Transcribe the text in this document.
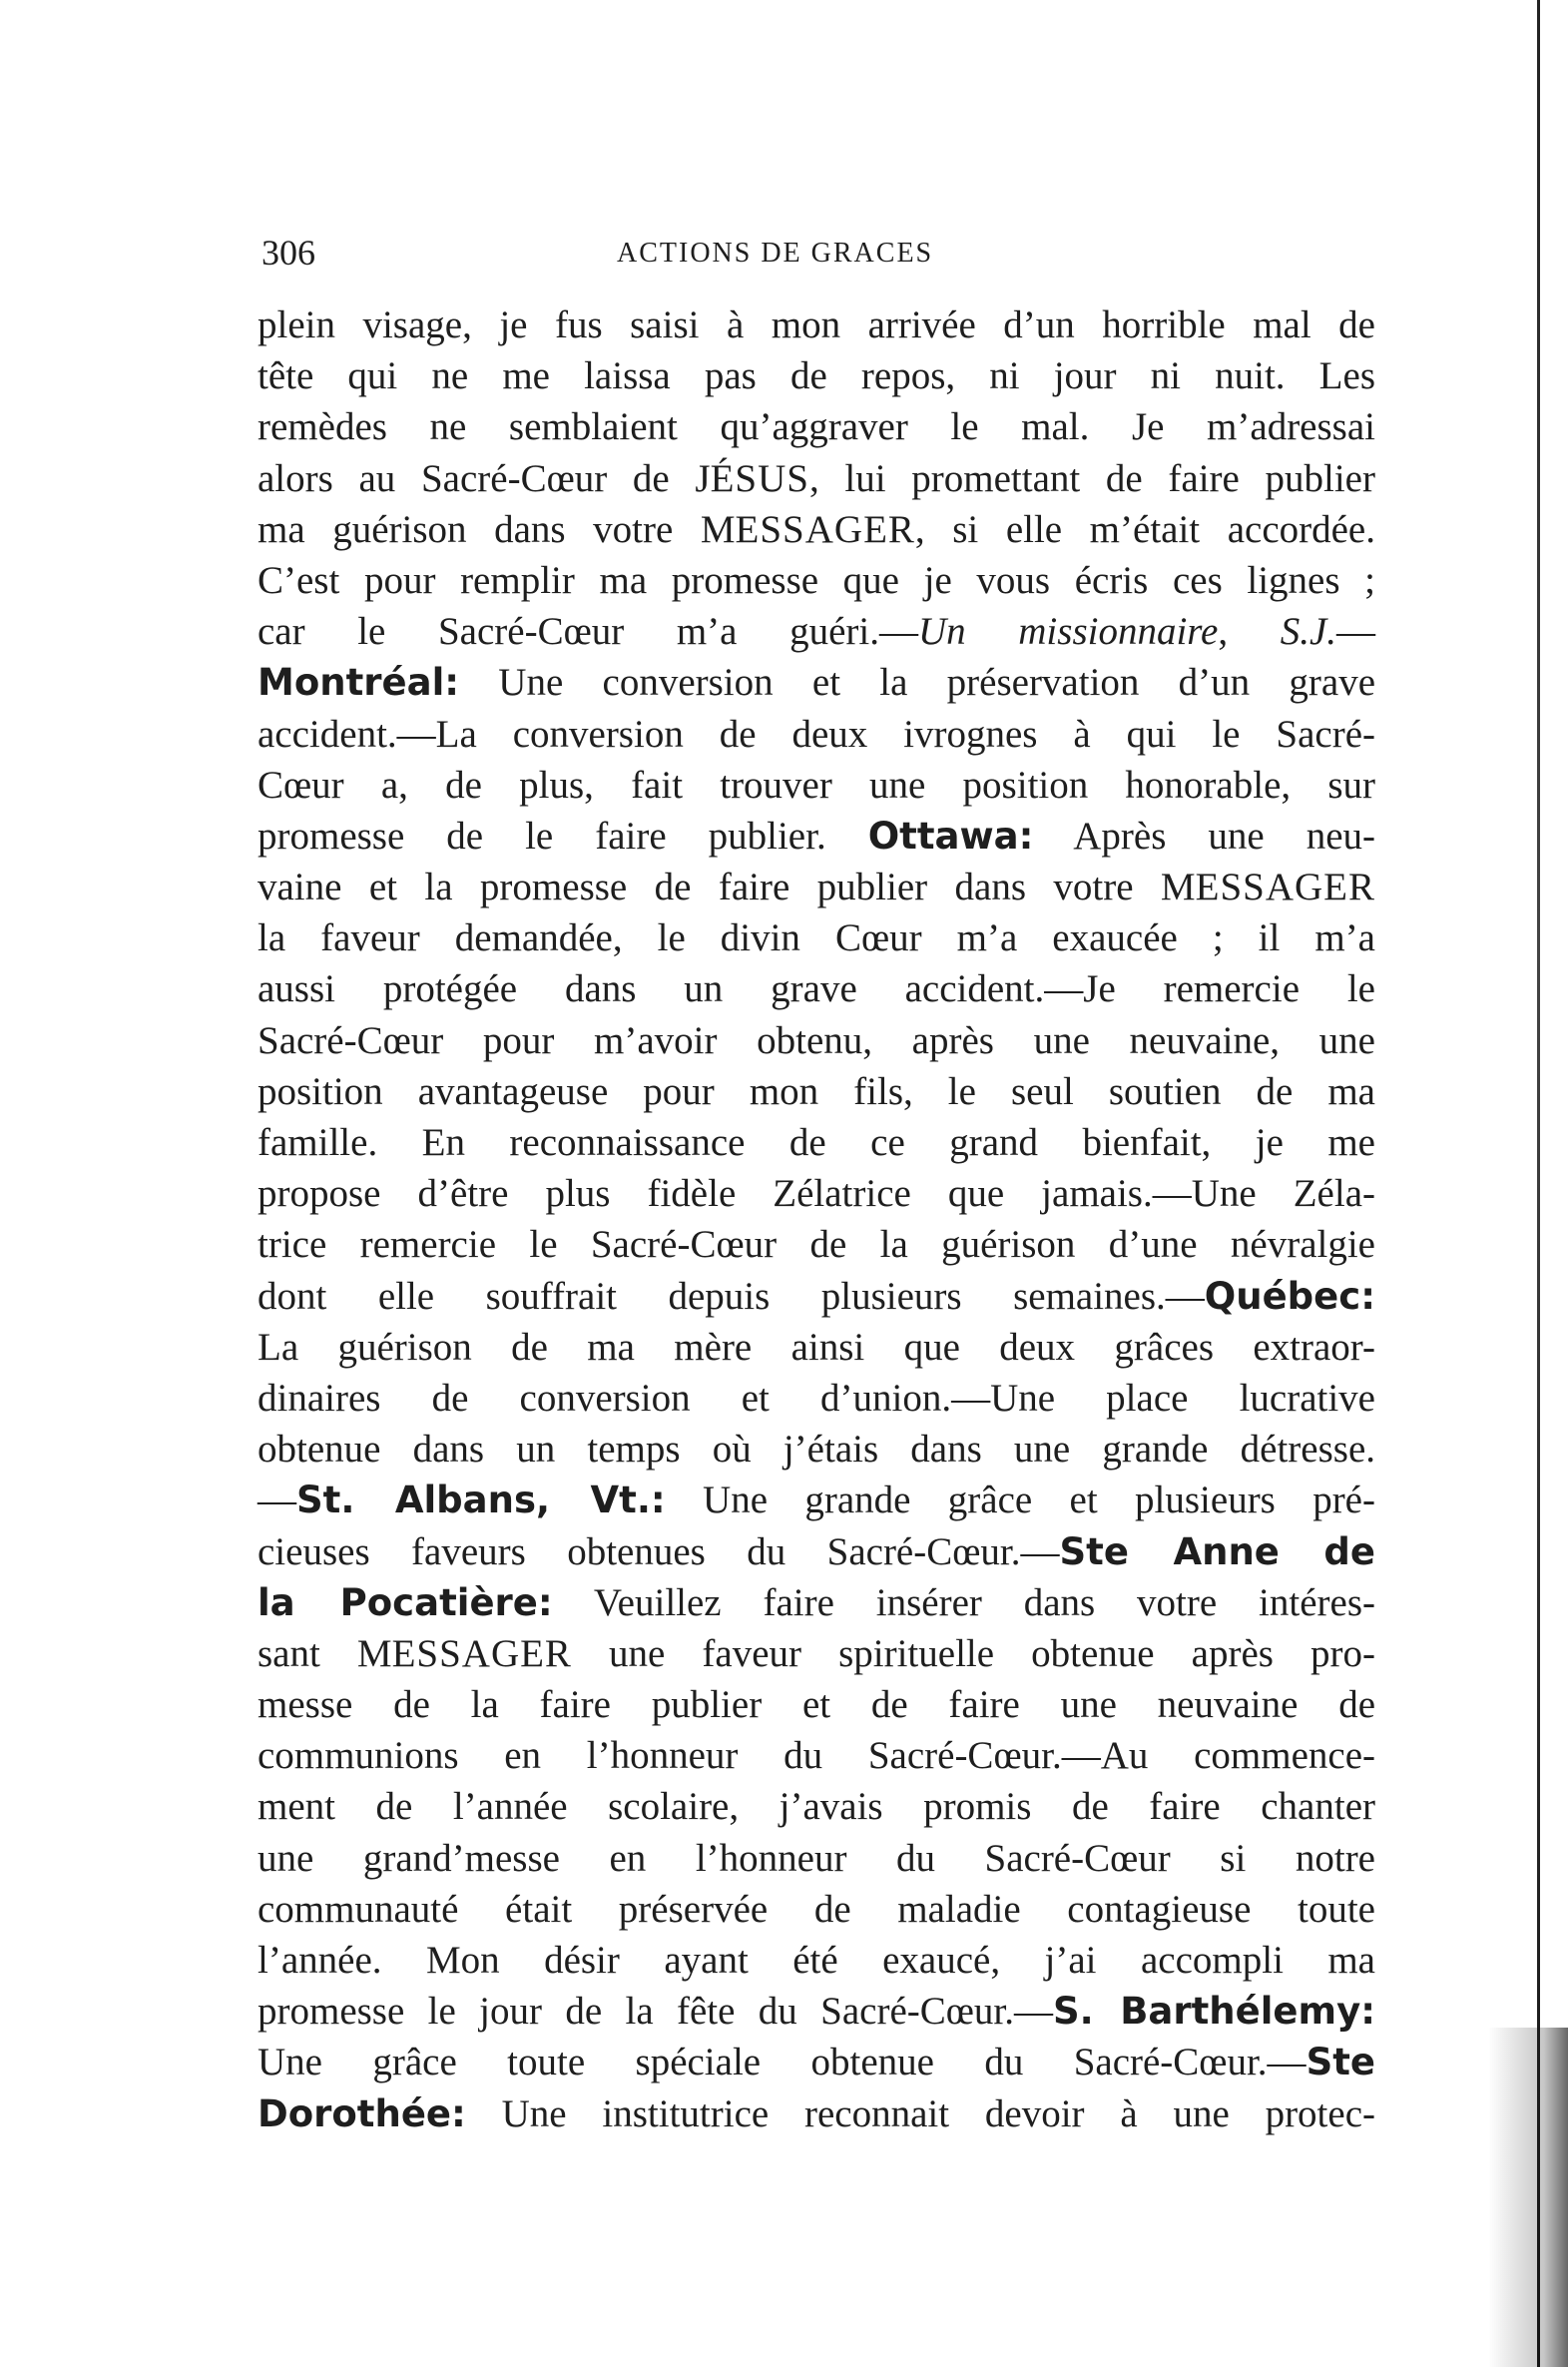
306	ACTIONS DE GRACES
plein visage, je fus saisi à mon arrivée d’un horrible mal de
tête qui ne me laissa pas de repos, ni jour ni nuit. Les
remèdes ne semblaient qu’aggraver le mal. Je m’adressai
alors au Sacré-Cœur de JÉSUS, lui promettant de faire publier
ma guérison dans votre MESSAGER, si elle m’était accordée.
C’est pour remplir ma promesse que je vous écris ces lignes ;
car le Sacré-Cœur m’a guéri.—Un missionnaire, S.J.—
Montréal: Une conversion et la préservation d’un grave
accident.—La conversion de deux ivrognes à qui le Sacré-
Cœur a, de plus, fait trouver une position honorable, sur
promesse de le faire publier. Ottawa: Après une neu-
vaine et la promesse de faire publier dans votre MESSAGER
la faveur demandée, le divin Cœur m’a exaucée ; il m’a
aussi protégée dans un grave accident.—Je remercie le
Sacré-Cœur pour m’avoir obtenu, après une neuvaine, une
position avantageuse pour mon fils, le seul soutien de ma
famille. En reconnaissance de ce grand bienfait, je me
propose d’être plus fidèle Zélatrice que jamais.—Une Zéla-
trice remercie le Sacré-Cœur de la guérison d’une névralgie
dont elle souffrait depuis plusieurs semaines.—Québec:
La guérison de ma mère ainsi que deux grâces extraor-
dinaires de conversion et d’union.—Une place lucrative
obtenue dans un temps où j’étais dans une grande détresse.
—St. Albans, Vt.: Une grande grâce et plusieurs pré-
cieuses faveurs obtenues du Sacré-Cœur.—Ste Anne de
la Pocatière: Veuillez faire insérer dans votre intéres-
sant MESSAGER une faveur spirituelle obtenue après pro-
messe de la faire publier et de faire une neuvaine de
communions en l’honneur du Sacré-Cœur.—Au commence-
ment de l’année scolaire, j’avais promis de faire chanter
une grand’messe en l’honneur du Sacré-Cœur si notre
communauté était préservée de maladie contagieuse toute
l’année. Mon désir ayant été exaucé, j’ai accompli ma
promesse le jour de la fête du Sacré-Cœur.—S. Barthélemy:
Une grâce toute spéciale obtenue du Sacré-Cœur.—Ste
Dorothée: Une institutrice reconnait devoir à une protec-
